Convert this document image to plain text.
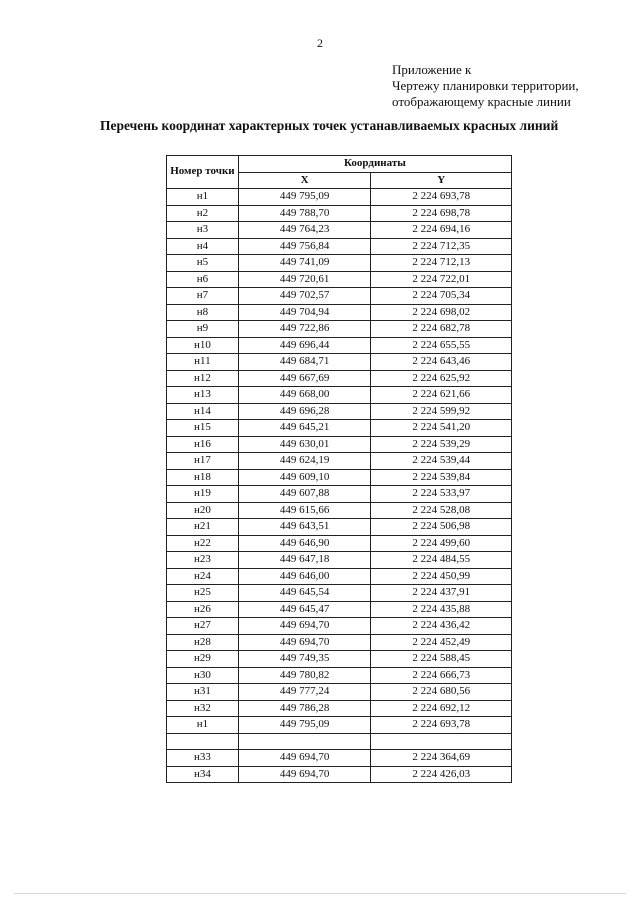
2
Приложение к
Чертежу планировки территории,
отображающему красные линии
Перечень координат характерных точек устанавливаемых красных линий
Номер точки	Координаты	
	X	Y
н1	449 795,09	2 224 693,78
н2	449 788,70	2 224 698,78
н3	449 764,23	2 224 694,16
н4	449 756,84	2 224 712,35
н5	449 741,09	2 224 712,13
н6	449 720,61	2 224 722,01
н7	449 702,57	2 224 705,34
н8	449 704,94	2 224 698,02
н9	449 722,86	2 224 682,78
н10	449 696,44	2 224 655,55
н11	449 684,71	2 224 643,46
н12	449 667,69	2 224 625,92
н13	449 668,00	2 224 621,66
н14	449 696,28	2 224 599,92
н15	449 645,21	2 224 541,20
н16	449 630,01	2 224 539,29
н17	449 624,19	2 224 539,44
н18	449 609,10	2 224 539,84
н19	449 607,88	2 224 533,97
н20	449 615,66	2 224 528,08
н21	449 643,51	2 224 506,98
н22	449 646,90	2 224 499,60
н23	449 647,18	2 224 484,55
н24	449 646,00	2 224 450,99
н25	449 645,54	2 224 437,91
н26	449 645,47	2 224 435,88
н27	449 694,70	2 224 436,42
н28	449 694,70	2 224 452,49
н29	449 749,35	2 224 588,45
н30	449 780,82	2 224 666,73
н31	449 777,24	2 224 680,56
н32	449 786,28	2 224 692,12
н1	449 795,09	2 224 693,78

н33	449 694,70	2 224 364,69
н34	449 694,70	2 224 426,03
